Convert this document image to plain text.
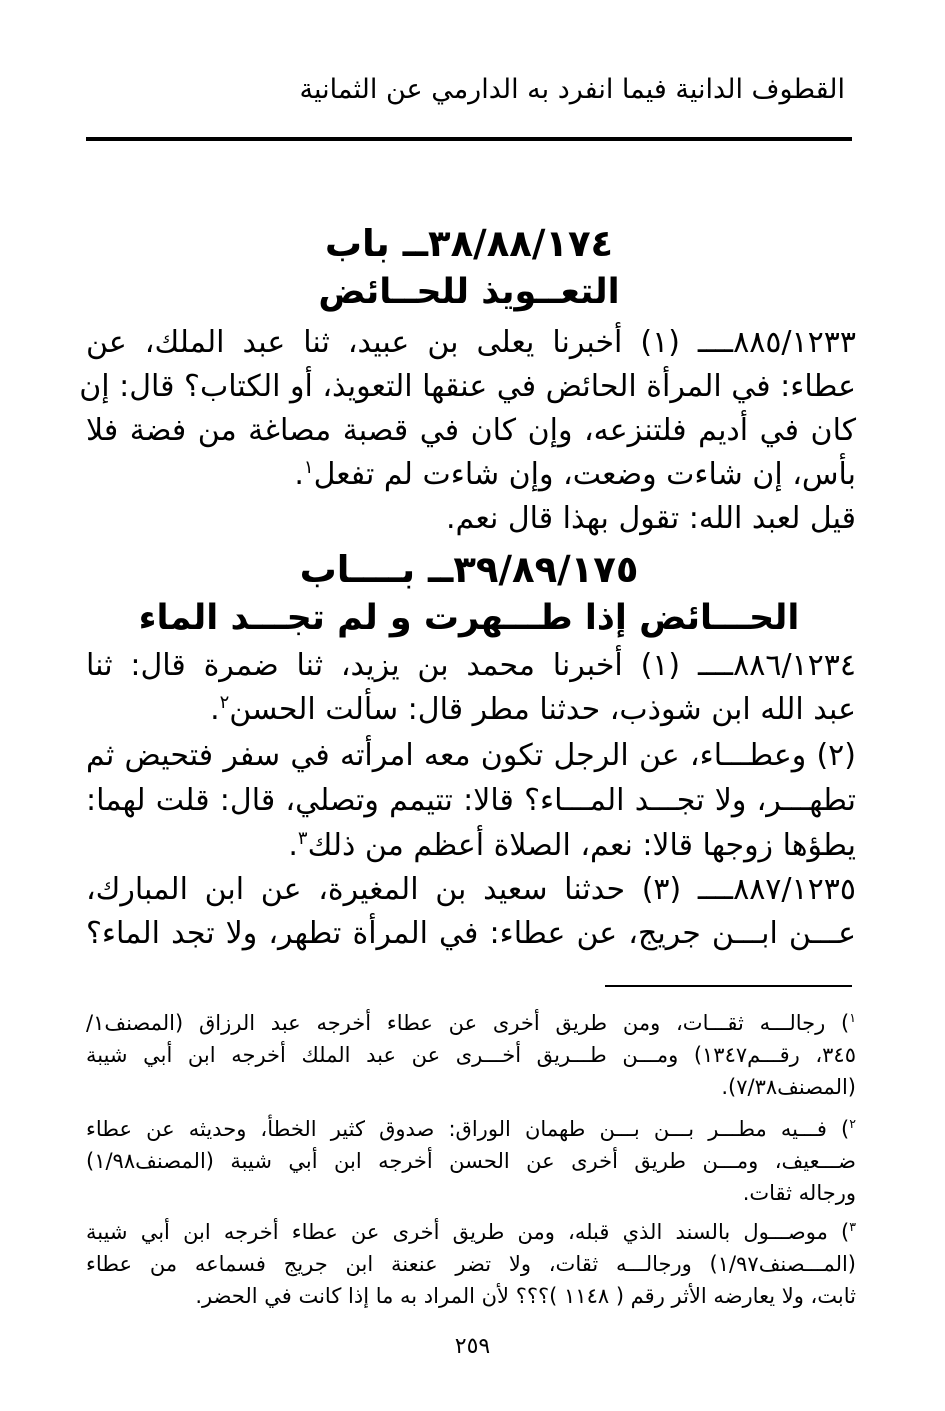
القطوف الدانية فيما انفرد به الدارمي عن الثمانية
٣٨/٨٨/١٧٤ــ باب
التعــويذ للحــائض
٨٨٥/١٢٣٣ــــ (١) أخبرنا يعلى بن عبيد، ثنا عبد الملك، عن
عطاء: في المرأة الحائض في عنقها التعويذ، أو الكتاب؟ قال: إن
كان في أديم فلتنزعه، وإن كان في قصبة مصاغة من فضة فلا
بأس، إن شاءت وضعت، وإن شاءت لم تفعل$^١$.
قيل لعبد الله: تقول بهذا قال نعم.
٣٩/٨٩/١٧٥ــ بــــاب
الحـــائض إذا طـــهرت و لم تجـــد الماء
٨٨٦/١٢٣٤ــــ (١) أخبرنا محمد بن يزيد، ثنا ضمرة قال: ثنا
عبد الله ابن شوذب، حدثنا مطر قال: سألت الحسن$^٢$.
(٢) وعطـــاء، عن الرجل تكون معه امرأته في سفر فتحيض ثم
تطهـــر، ولا تجـــد المـــاء؟ قالا: تتيمم وتصلي، قال: قلت لهما:
يطؤها زوجها قالا: نعم، الصلاة أعظم من ذلك$^٣$.
٨٨٧/١٢٣٥ــــ (٣) حدثنا سعيد بن المغيرة، عن ابن المبارك،
عـــن ابـــن جريج، عن عطاء: في المرأة تطهر، ولا تجد الماء؟
$^١$) رجالـــه ثقـــات، ومن طريق أخرى عن عطاء أخرجه عبد الرزاق (المصنف١/
٣٤٥، رقـــم١٣٤٧) ومـــن طـــريق أخـــرى عن عبد الملك أخرجه ابن أبي شيبة
(المصنف٧/٣٨).
$^٢$) فـــيه مطـــر بـــن بـــن طهمان الوراق: صدوق كثير الخطأ، وحديثه عن عطاء
ضـــعيف، ومـــن طريق أخرى عن الحسن أخرجه ابن أبي شيبة (المصنف١/٩٨)
ورجاله ثقات.
$^٣$) موصـــول بالسند الذي قبله، ومن طريق أخرى عن عطاء أخرجه ابن أبي شيبة
(المـــصنف١/٩٧) ورجالـــه ثقات، ولا تضر عنعنة ابن جريج فسماعه من عطاء
ثابت، ولا يعارضه الأثر رقم ( ١١٤٨ )؟؟؟ لأن المراد به ما إذا كانت في الحضر.
٢٥٩
